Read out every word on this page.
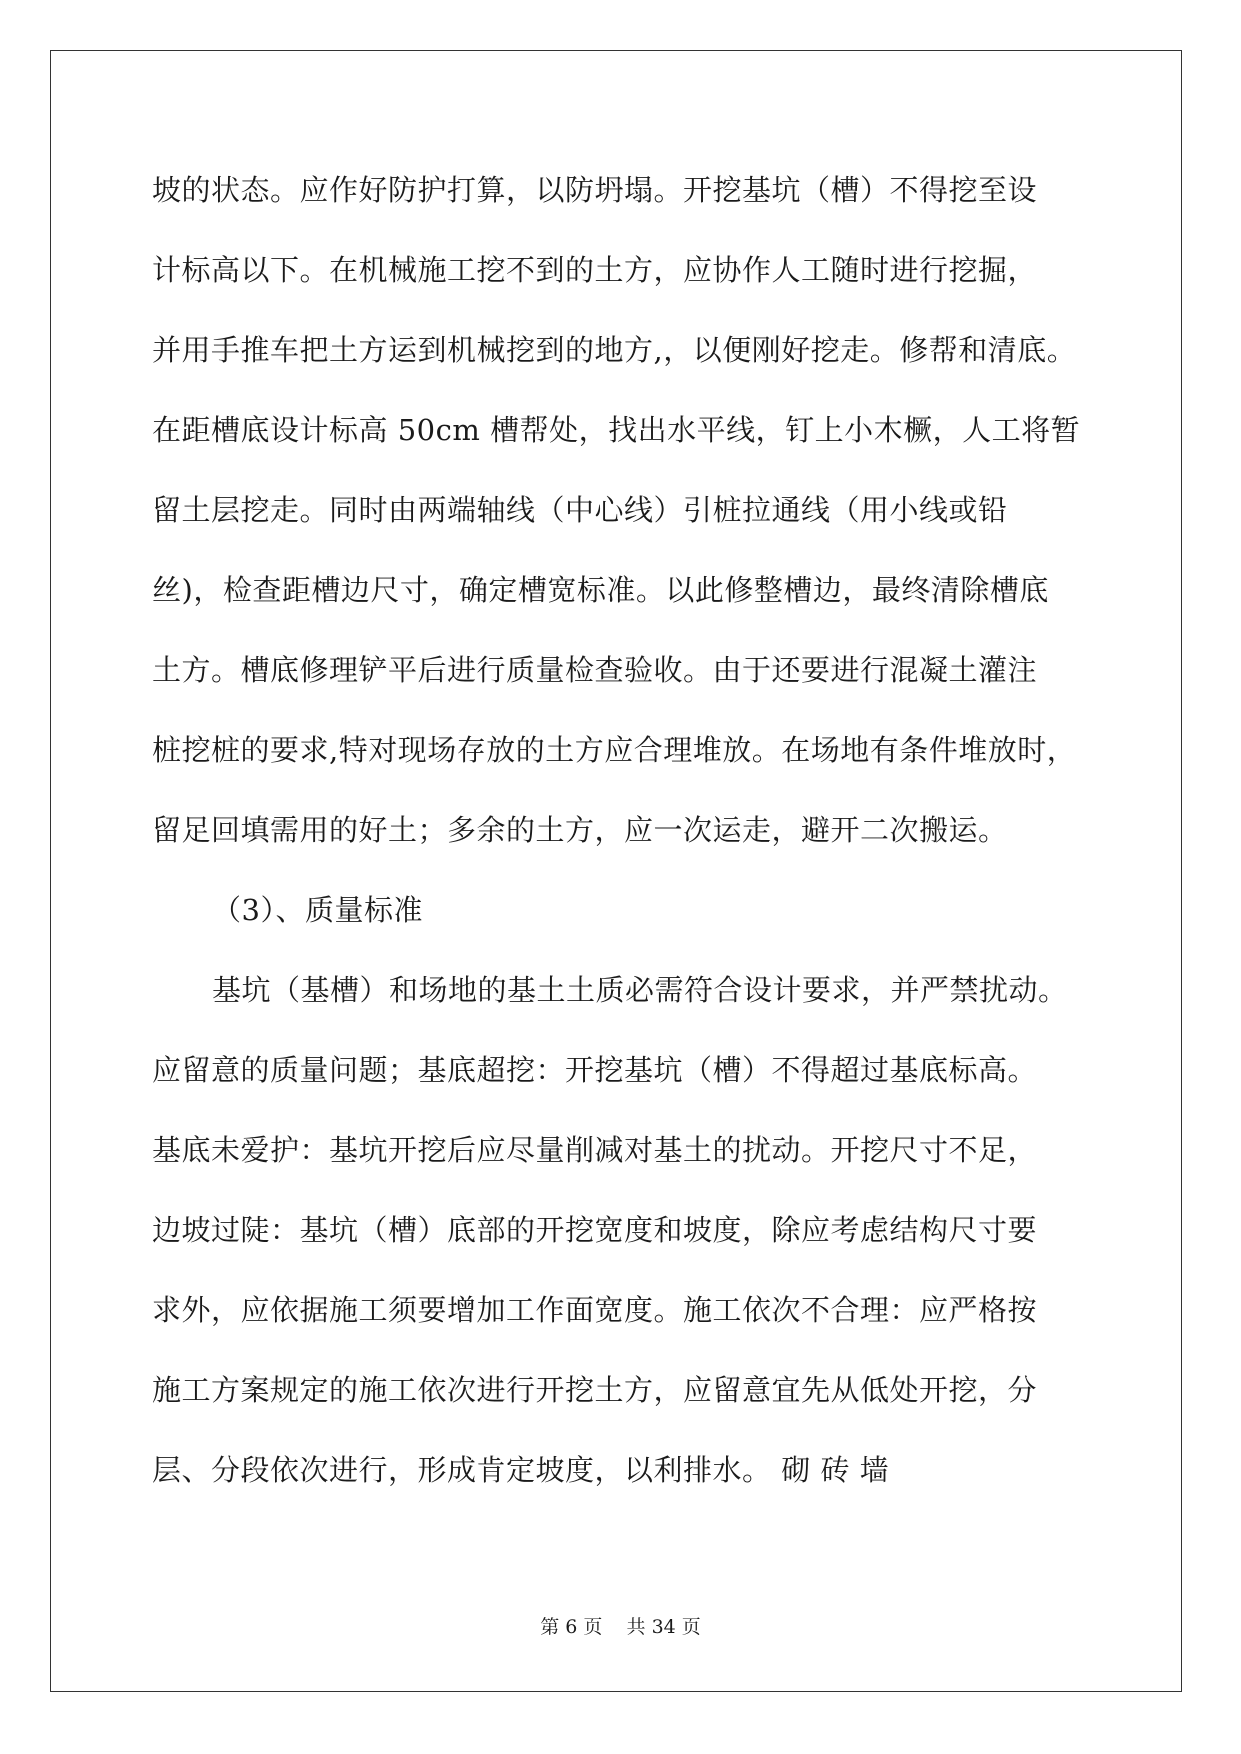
坡的状态。应作好防护打算，以防坍塌。开挖基坑（槽）不得挖至设
计标高以下。在机械施工挖不到的土方，应协作人工随时进行挖掘，
并用手推车把土方运到机械挖到的地方,，以便刚好挖走。修帮和清底。
在距槽底设计标高 50cm 槽帮处，找出水平线，钉上小木橛，人工将暂
留土层挖走。同时由两端轴线（中心线）引桩拉通线（用小线或铅
丝)，检查距槽边尺寸，确定槽宽标准。以此修整槽边，最终清除槽底
土方。槽底修理铲平后进行质量检查验收。由于还要进行混凝土灌注
桩挖桩的要求,特对现场存放的土方应合理堆放。在场地有条件堆放时，
留足回填需用的好土；多余的土方，应一次运走，避开二次搬运。
（3）、质量标准
基坑（基槽）和场地的基土土质必需符合设计要求，并严禁扰动。
应留意的质量问题；基底超挖：开挖基坑（槽）不得超过基底标高。
基底未爱护：基坑开挖后应尽量削减对基土的扰动。开挖尺寸不足，
边坡过陡：基坑（槽）底部的开挖宽度和坡度，除应考虑结构尺寸要
求外，应依据施工须要增加工作面宽度。施工依次不合理：应严格按
施工方案规定的施工依次进行开挖土方，应留意宜先从低处开挖，分
层、分段依次进行，形成肯定坡度，以利排水。 砌 砖 墙
第 6 页    共 34 页
